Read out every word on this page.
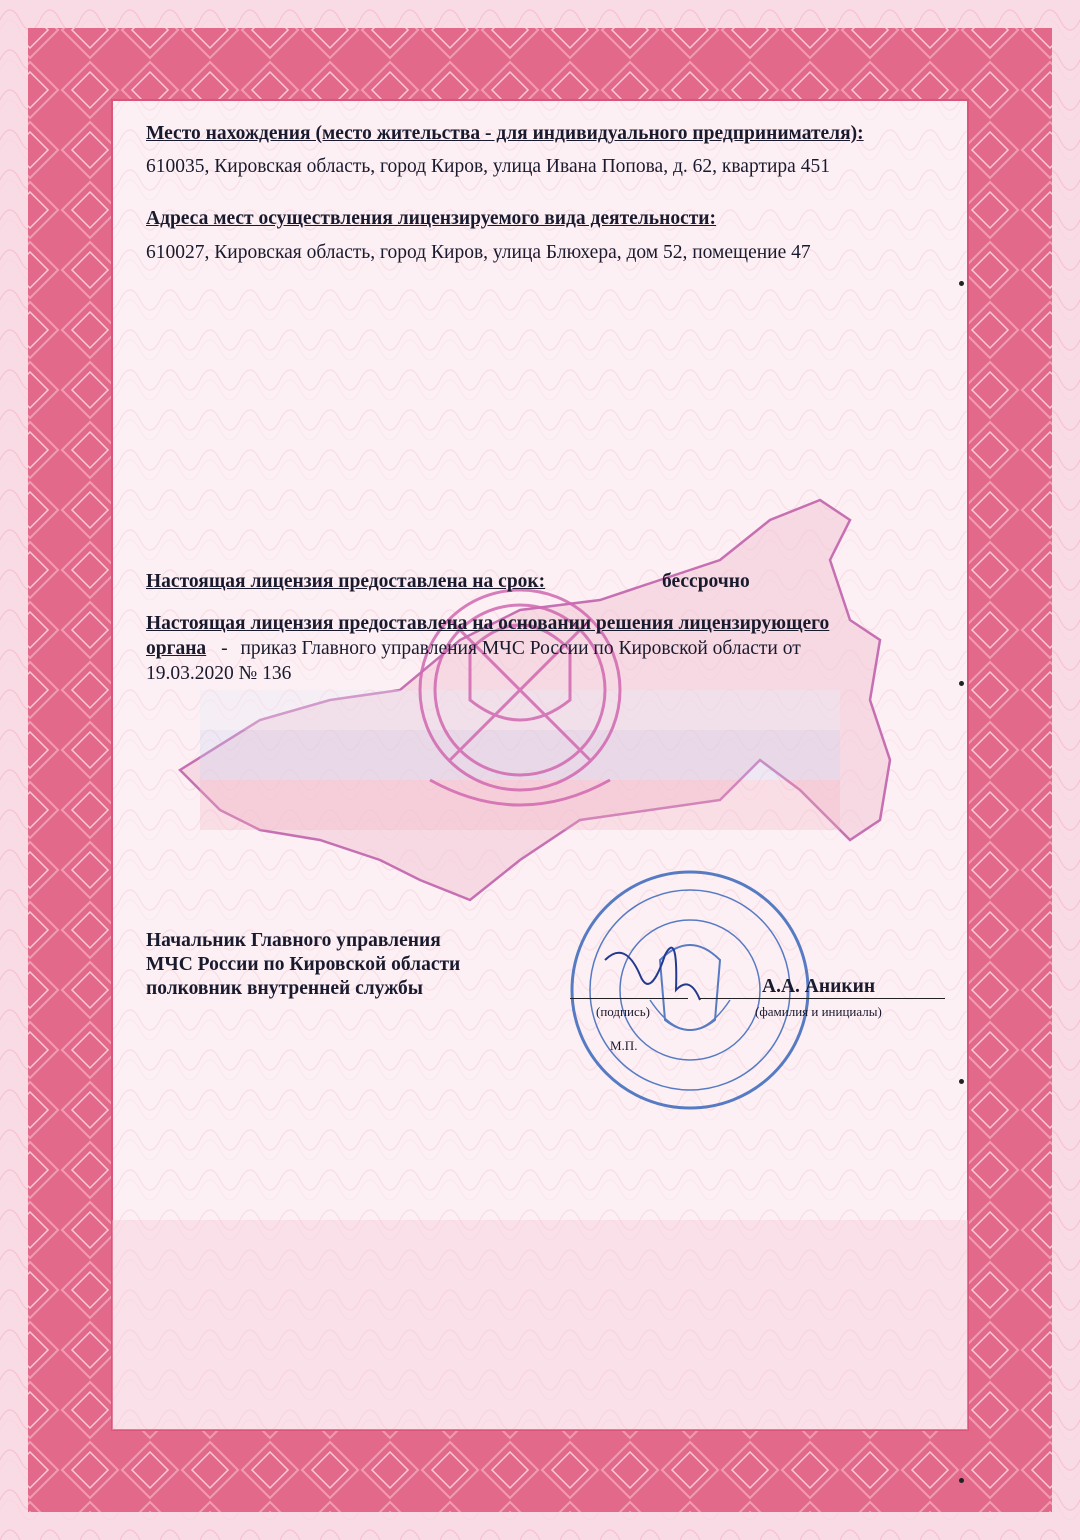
Место нахождения (место жительства - для индивидуального предпринимателя):
610035, Кировская область, город Киров, улица Ивана Попова, д. 62, квартира 451
Адреса мест осуществления лицензируемого вида деятельности:
610027, Кировская область, город Киров, улица Блюхера, дом 52, помещение 47
Настоящая лицензия предоставлена на срок:	бессрочно
Настоящая лицензия предоставлена на основании решения лицензирующего
органа - приказ Главного управления МЧС России по Кировской области от
19.03.2020 № 136
Начальник Главного управления
МЧС России по Кировской области
полковник внутренней службы	А.А. Аникин
(подпись)	(фамилия и инициалы)
М.П.
